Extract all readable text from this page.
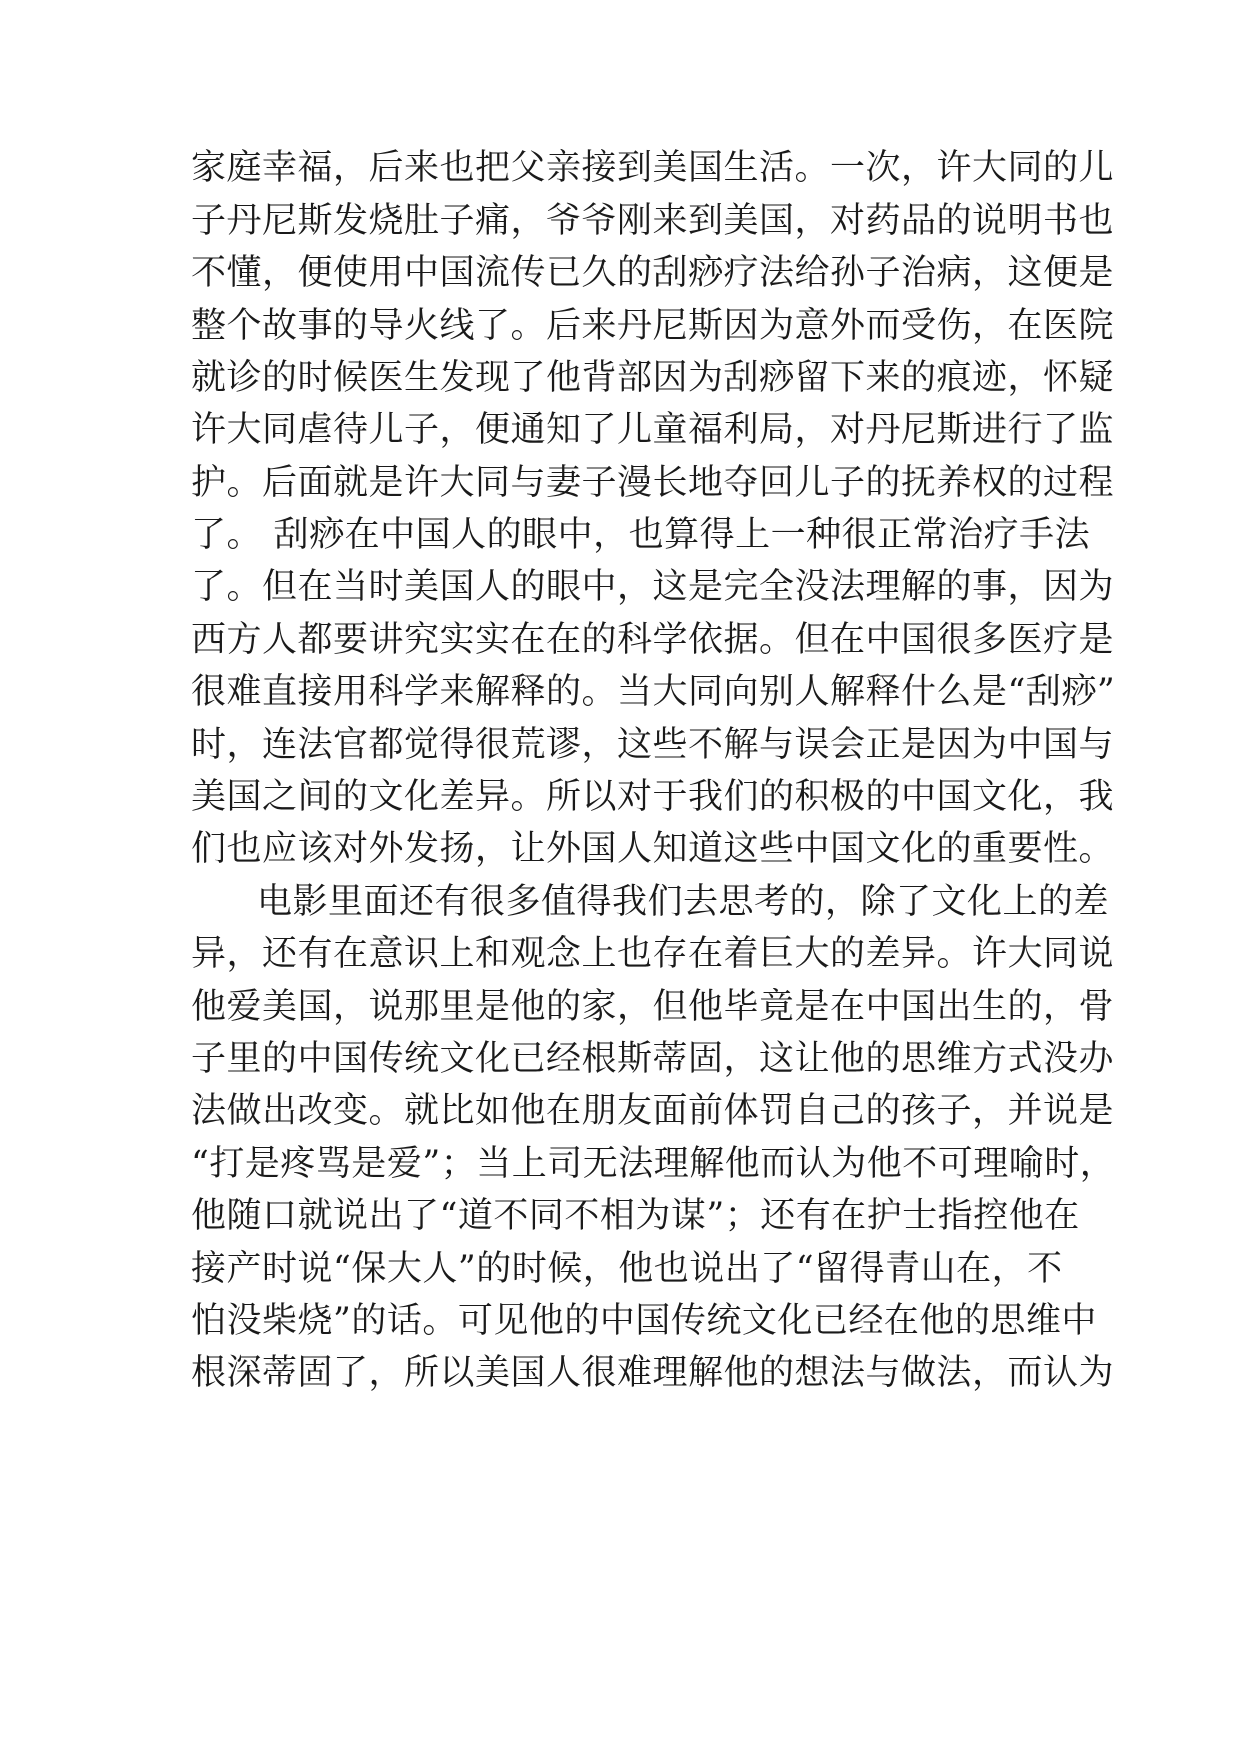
家庭幸福，后来也把父亲接到美国生活。一次，许大同的儿
子丹尼斯发烧肚子痛，爷爷刚来到美国，对药品的说明书也
不懂，便使用中国流传已久的刮痧疗法给孙子治病，这便是
整个故事的导火线了。后来丹尼斯因为意外而受伤，在医院
就诊的时候医生发现了他背部因为刮痧留下来的痕迹，怀疑
许大同虐待儿子，便通知了儿童福利局，对丹尼斯进行了监
护。后面就是许大同与妻子漫长地夺回儿子的抚养权的过程
了。 刮痧在中国人的眼中，也算得上一种很正常治疗手法
了。但在当时美国人的眼中，这是完全没法理解的事，因为
西方人都要讲究实实在在的科学依据。但在中国很多医疗是
很难直接用科学来解释的。当大同向别人解释什么是“刮痧”
时，连法官都觉得很荒谬，这些不解与误会正是因为中国与
美国之间的文化差异。所以对于我们的积极的中国文化，我
们也应该对外发扬，让外国人知道这些中国文化的重要性。
电影里面还有很多值得我们去思考的，除了文化上的差
异，还有在意识上和观念上也存在着巨大的差异。许大同说
他爱美国，说那里是他的家，但他毕竟是在中国出生的，骨
子里的中国传统文化已经根斯蒂固，这让他的思维方式没办
法做出改变。就比如他在朋友面前体罚自己的孩子，并说是
“打是疼骂是爱”；当上司无法理解他而认为他不可理喻时，
他随口就说出了“道不同不相为谋”；还有在护士指控他在
接产时说“保大人”的时候，他也说出了“留得青山在，不
怕没柴烧”的话。可见他的中国传统文化已经在他的思维中
根深蒂固了，所以美国人很难理解他的想法与做法，而认为
